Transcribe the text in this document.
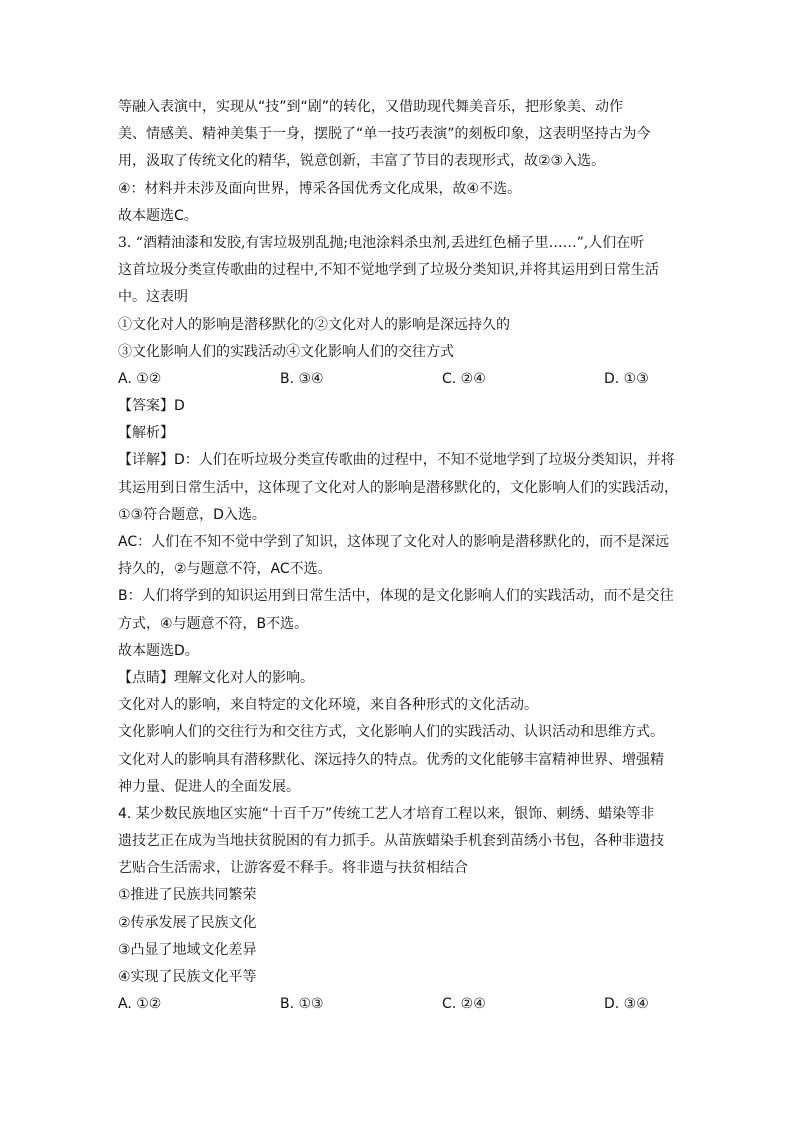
等融入表演中，实现从“技”到“剧”的转化，又借助现代舞美音乐，把形象美、动作
美、情感美、精神美集于一身，摆脱了“单一技巧表演”的刻板印象，这表明坚持古为今
用，汲取了传统文化的精华，锐意创新，丰富了节目的表现形式，故②③入选。
④：材料并未涉及面向世界，博采各国优秀文化成果，故④不选。
故本题选C。
3. “酒精油漆和发胶,有害垃圾别乱抛;电池涂料杀虫剂,丢进红色桶子里……”,人们在听
这首垃圾分类宣传歌曲的过程中,不知不觉地学到了垃圾分类知识,并将其运用到日常生活
中。这表明
①文化对人的影响是潜移默化的②文化对人的影响是深远持久的
③文化影响人们的实践活动④文化影响人们的交往方式
A. ①②	B. ③④	C. ②④	D. ①③
【答案】D
【解析】
【详解】D：人们在听垃圾分类宣传歌曲的过程中，不知不觉地学到了垃圾分类知识，并将
其运用到日常生活中，这体现了文化对人的影响是潜移默化的，文化影响人们的实践活动，
①③符合题意，D入选。
AC：人们在不知不觉中学到了知识，这体现了文化对人的影响是潜移默化的，而不是深远
持久的，②与题意不符，AC不选。
B：人们将学到的知识运用到日常生活中，体现的是文化影响人们的实践活动，而不是交往
方式，④与题意不符，B不选。
故本题选D。
【点睛】理解文化对人的影响。
文化对人的影响，来自特定的文化环境，来自各种形式的文化活动。
文化影响人们的交往行为和交往方式，文化影响人们的实践活动、认识活动和思维方式。
文化对人的影响具有潜移默化、深远持久的特点。优秀的文化能够丰富精神世界、增强精
神力量、促进人的全面发展。
4. 某少数民族地区实施“十百千万”传统工艺人才培育工程以来，银饰、刺绣、蜡染等非
遗技艺正在成为当地扶贫脱困的有力抓手。从苗族蜡染手机套到苗绣小书包，各种非遗技
艺贴合生活需求，让游客爱不释手。将非遗与扶贫相结合
①推进了民族共同繁荣
②传承发展了民族文化
③凸显了地域文化差异
④实现了民族文化平等
A. ①②	B. ①③	C. ②④	D. ③④
